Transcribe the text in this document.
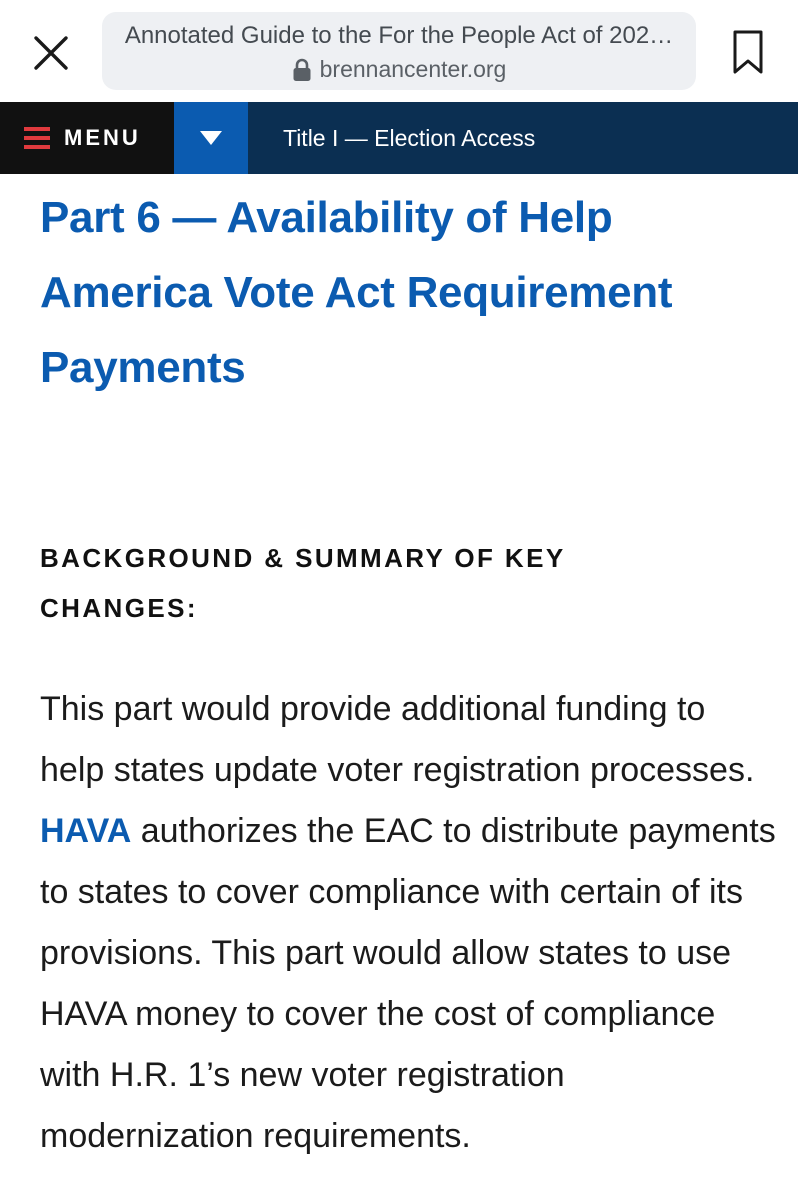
Annotated Guide to the For the People Act of 202…
brennancenter.org
MENU	Title I — Election Access
Part 6 — Availability of Help
America Vote Act Requirement
Payments
BACKGROUND & SUMMARY OF KEY
CHANGES:

This part would provide additional funding to help states update voter registration processes. HAVA authorizes the EAC to distribute payments to states to cover compliance with certain of its provisions. This part would allow states to use HAVA money to cover the cost of compliance with H.R. 1’s new voter registration modernization requirements.
